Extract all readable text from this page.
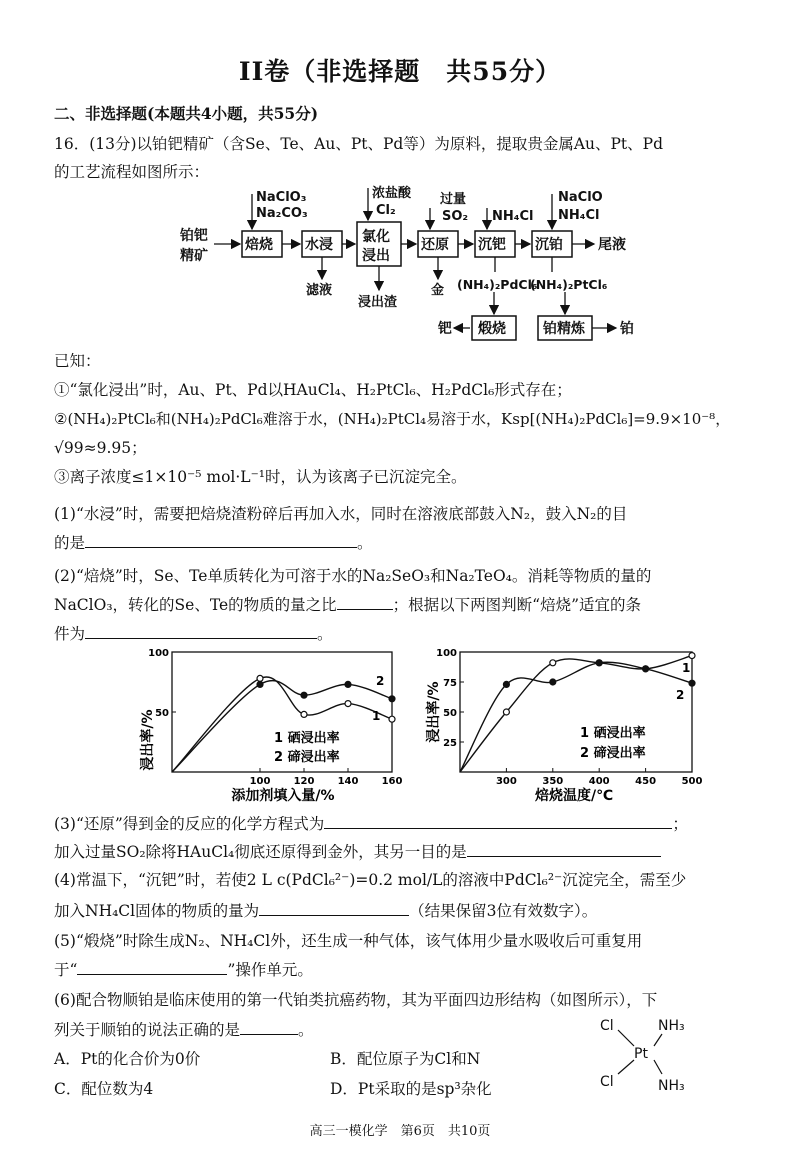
II卷（非选择题　共55分）
二、非选择题(本题共4小题，共55分)
16．(13分)以铂钯精矿（含Se、Te、Au、Pt、Pd等）为原料，提取贵金属Au、Pt、Pd
的工艺流程如图所示：
铂钯
精矿
焙烧
NaClO₃
Na₂CO₃
水浸
滤液
氯化
浸出
浓盐酸
Cl₂
浸出渣
还原
过量
SO₂
金
沉钯
NH₄Cl
(NH₄)₂PdCl₆
沉铂
NaClO
NH₄Cl
(NH₄)₂PtCl₆
尾液
煅烧
钯	铂精炼	铂
已知：
①“氯化浸出”时，Au、Pt、Pd以HAuCl₄、H₂PtCl₆、H₂PdCl₆形式存在；
②(NH₄)₂PtCl₆和(NH₄)₂PdCl₆难溶于水，(NH₄)₂PtCl₄易溶于水，Ksp[(NH₄)₂PdCl₆]=9.9×10⁻⁸，
√99≈9.95；
③离子浓度≤1×10⁻⁵ mol·L⁻¹时，认为该离子已沉淀完全。
(1)“水浸”时，需要把焙烧渣粉碎后再加入水，同时在溶液底部鼓入N₂，鼓入N₂的目
的是	。
(2)“焙烧”时，Se、Te单质转化为可溶于水的Na₂SeO₃和Na₂TeO₄。消耗等物质的量的
NaClO₃，转化的Se、Te的物质的量之比	；根据以下两图判断“焙烧”适宜的条
件为	。
100 120 140 160
50
100
浸出率/%
添加剂填入量/%
1 硒浸出率
2 碲浸出率
2
1
300	350	400	450	500
25
50
75
100
浸出率/%
焙烧温度/℃
1 硒浸出率
2 碲浸出率
1
2
(3)“还原”得到金的反应的化学方程式为	；
加入过量SO₂除将HAuCl₄彻底还原得到金外，其另一目的是
(4)常温下，“沉钯”时，若使2 L c(PdCl₆²⁻)=0.2 mol/L的溶液中PdCl₆²⁻沉淀完全，需至少
加入NH₄Cl固体的物质的量为	（结果保留3位有效数字）。
(5)“煅烧”时除生成N₂、NH₄Cl外，还生成一种气体，该气体用少量水吸收后可重复用
于“	”操作单元。
(6)配合物顺铂是临床使用的第一代铂类抗癌药物，其为平面四边形结构（如图所示），下
列关于顺铂的说法正确的是	。
A．Pt的化合价为0价	B．配位原子为Cl和N
C．配位数为4	D．Pt采取的是sp³杂化
Cl	NH₃
Pt
Cl	NH₃
高三一模化学　第6页　共10页
